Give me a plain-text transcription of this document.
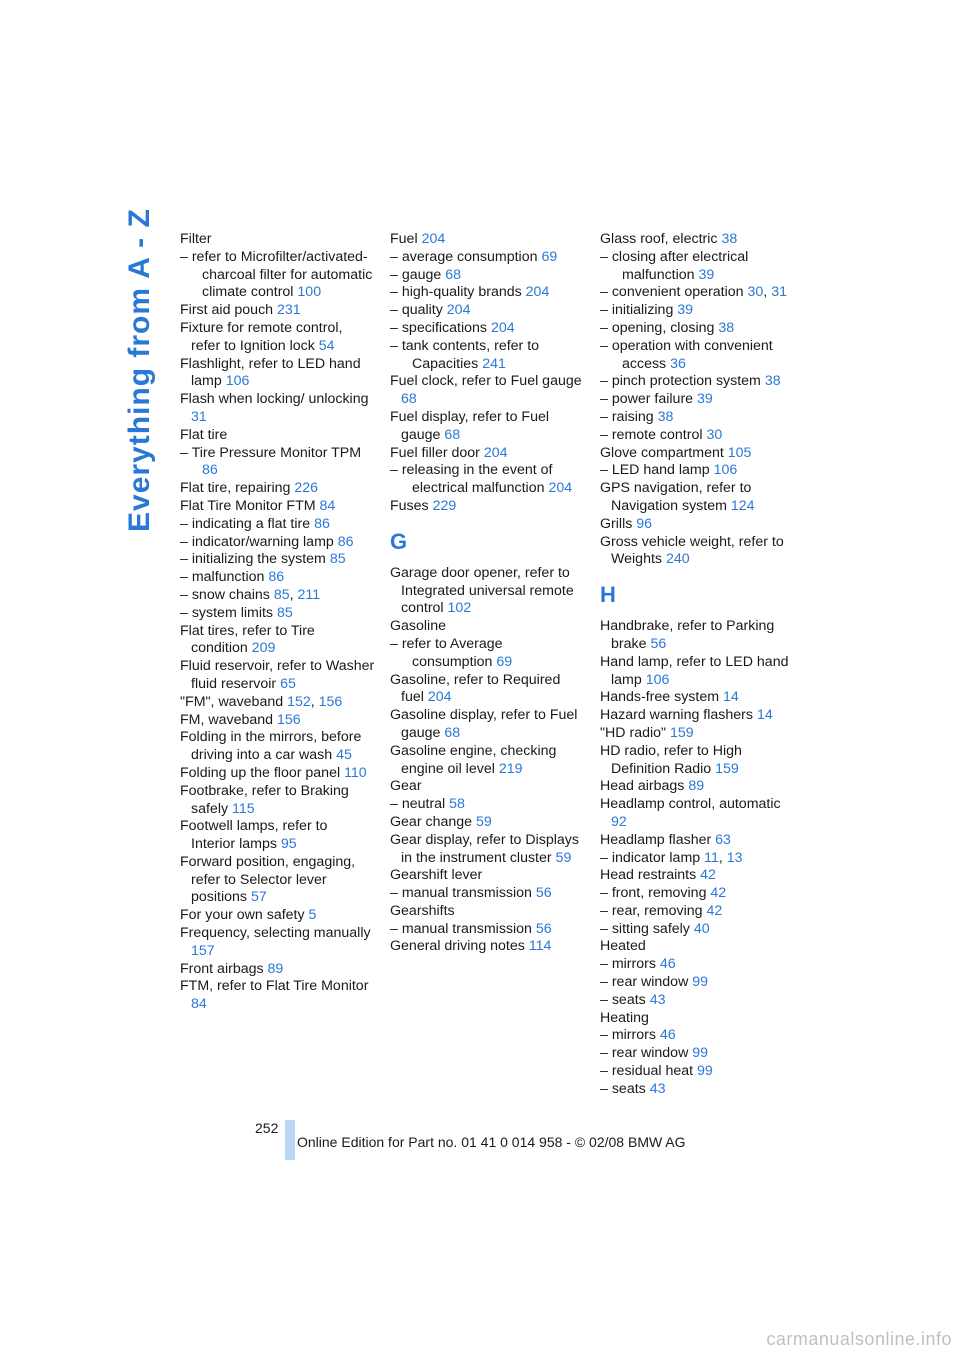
Everything from A - Z	Filter
– refer to Microfilter/activated-charcoal filter for automatic climate control 100
First aid pouch 231
Fixture for remote control, refer to Ignition lock 54
Flashlight, refer to LED hand lamp 106
Flash when locking/ unlocking 31
Flat tire
– Tire Pressure Monitor TPM 86
Flat tire, repairing 226
Flat Tire Monitor FTM 84
– indicating a flat tire 86
– indicator/warning lamp 86
– initializing the system 85
– malfunction 86
– snow chains 85, 211
– system limits 85
Flat tires, refer to Tire condition 209
Fluid reservoir, refer to Washer fluid reservoir 65
"FM", waveband 152, 156
FM, waveband 156
Folding in the mirrors, before driving into a car wash 45
Folding up the floor panel 110
Footbrake, refer to Braking safely 115
Footwell lamps, refer to Interior lamps 95
Forward position, engaging, refer to Selector lever positions 57
For your own safety 5
Frequency, selecting manually 157
Front airbags 89
FTM, refer to Flat Tire Monitor 84
Fuel 204
– average consumption 69
– gauge 68
– high-quality brands 204
– quality 204
– specifications 204
– tank contents, refer to Capacities 241
Fuel clock, refer to Fuel gauge 68
Fuel display, refer to Fuel gauge 68
Fuel filler door 204
– releasing in the event of electrical malfunction 204
Fuses 229
G
Garage door opener, refer to Integrated universal remote control 102
Gasoline
– refer to Average consumption 69
Gasoline, refer to Required fuel 204
Gasoline display, refer to Fuel gauge 68
Gasoline engine, checking engine oil level 219
Gear
– neutral 58
Gear change 59
Gear display, refer to Displays in the instrument cluster 59
Gearshift lever
– manual transmission 56
Gearshifts
– manual transmission 56
General driving notes 114
Glass roof, electric 38
– closing after electrical malfunction 39
– convenient operation 30, 31
– initializing 39
– opening, closing 38
– operation with convenient access 36
– pinch protection system 38
– power failure 39
– raising 38
– remote control 30
Glove compartment 105
– LED hand lamp 106
GPS navigation, refer to Navigation system 124
Grills 96
Gross vehicle weight, refer to Weights 240
H
Handbrake, refer to Parking brake 56
Hand lamp, refer to LED hand lamp 106
Hands-free system 14
Hazard warning flashers 14
"HD radio" 159
HD radio, refer to High Definition Radio 159
Head airbags 89
Headlamp control, automatic 92
Headlamp flasher 63
– indicator lamp 11, 13
Head restraints 42
– front, removing 42
– rear, removing 42
– sitting safely 40
Heated
– mirrors 46
– rear window 99
– seats 43
Heating
– mirrors 46
– rear window 99
– residual heat 99
– seats 43
252
Online Edition for Part no. 01 41 0 014 958 - © 02/08 BMW AG
carmanualsonline.info
